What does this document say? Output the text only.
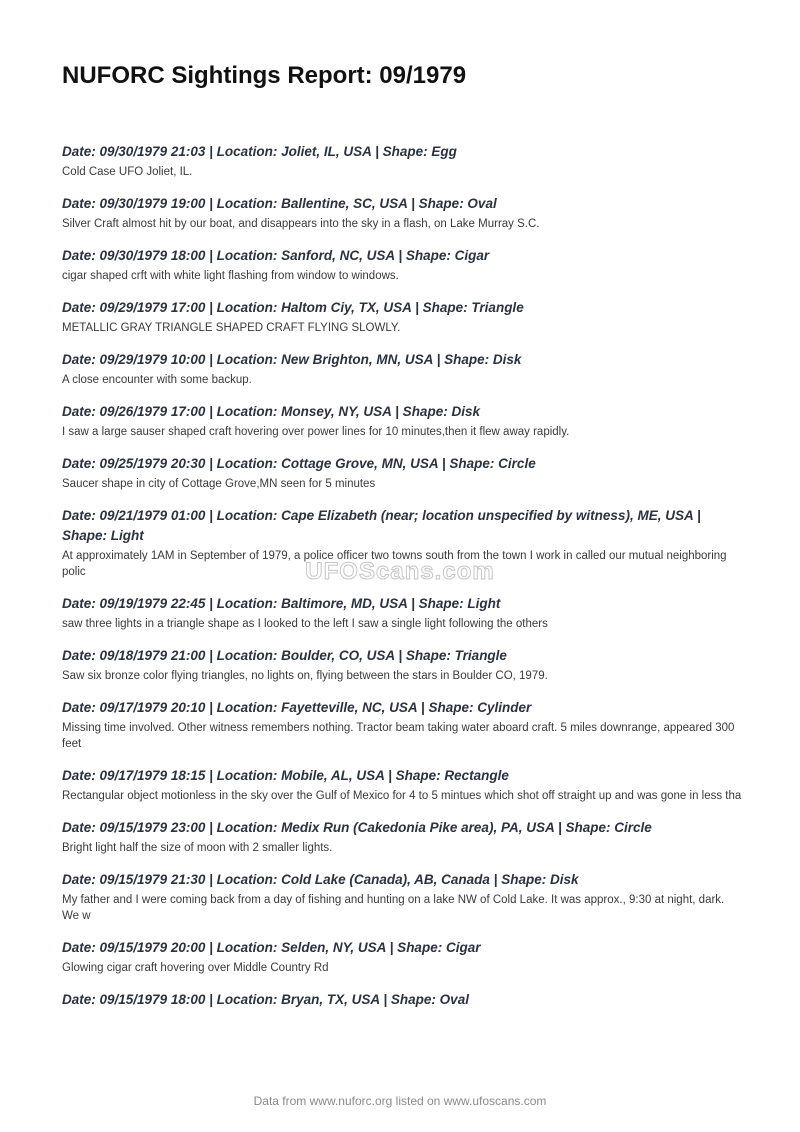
NUFORC Sightings Report: 09/1979
Date: 09/30/1979 21:03 | Location: Joliet, IL, USA | Shape: Egg
Cold Case UFO Joliet, IL.
Date: 09/30/1979 19:00 | Location: Ballentine, SC, USA | Shape: Oval
Silver Craft almost hit by our boat, and disappears into the sky in a flash, on Lake Murray S.C.
Date: 09/30/1979 18:00 | Location: Sanford, NC, USA | Shape: Cigar
cigar shaped crft with white light flashing from window to windows.
Date: 09/29/1979 17:00 | Location: Haltom Ciy, TX, USA | Shape: Triangle
METALLIC GRAY TRIANGLE SHAPED CRAFT FLYING SLOWLY.
Date: 09/29/1979 10:00 | Location: New Brighton, MN, USA | Shape: Disk
A close encounter with some backup.
Date: 09/26/1979 17:00 | Location: Monsey, NY, USA | Shape: Disk
I saw a large sauser shaped craft hovering over power lines for 10 minutes,then it flew away rapidly.
Date: 09/25/1979 20:30 | Location: Cottage Grove, MN, USA | Shape: Circle
Saucer shape in city of Cottage Grove,MN seen for 5 minutes
Date: 09/21/1979 01:00 | Location: Cape Elizabeth (near; location unspecified by witness), ME, USA | Shape: Light
At approximately 1AM in September of 1979, a police officer two towns south from the town I work in called our mutual neighboring polic
Date: 09/19/1979 22:45 | Location: Baltimore, MD, USA | Shape: Light
saw three lights in a triangle shape as I looked to the left I saw a single light following the others
Date: 09/18/1979 21:00 | Location: Boulder, CO, USA | Shape: Triangle
Saw six bronze color flying triangles, no lights on, flying between the stars in Boulder CO, 1979.
Date: 09/17/1979 20:10 | Location: Fayetteville, NC, USA | Shape: Cylinder
Missing time involved. Other witness remembers nothing. Tractor beam taking water aboard craft. 5 miles downrange, appeared 300 feet
Date: 09/17/1979 18:15 | Location: Mobile, AL, USA | Shape: Rectangle
Rectangular object motionless in the sky over the Gulf of Mexico for 4 to 5 mintues which shot off straight up and was gone in less tha
Date: 09/15/1979 23:00 | Location: Medix Run (Cakedonia Pike area), PA, USA | Shape: Circle
Bright light half the size of moon with 2 smaller lights.
Date: 09/15/1979 21:30 | Location: Cold Lake (Canada), AB, Canada | Shape: Disk
My father and I were coming back from a day of fishing and hunting on a lake NW of Cold Lake. It was approx., 9:30 at night, dark. We w
Date: 09/15/1979 20:00 | Location: Selden, NY, USA | Shape: Cigar
Glowing cigar craft hovering over Middle Country Rd
Date: 09/15/1979 18:00 | Location: Bryan, TX, USA | Shape: Oval
UFOScans.com
Data from www.nuforc.org listed on www.ufoscans.com
